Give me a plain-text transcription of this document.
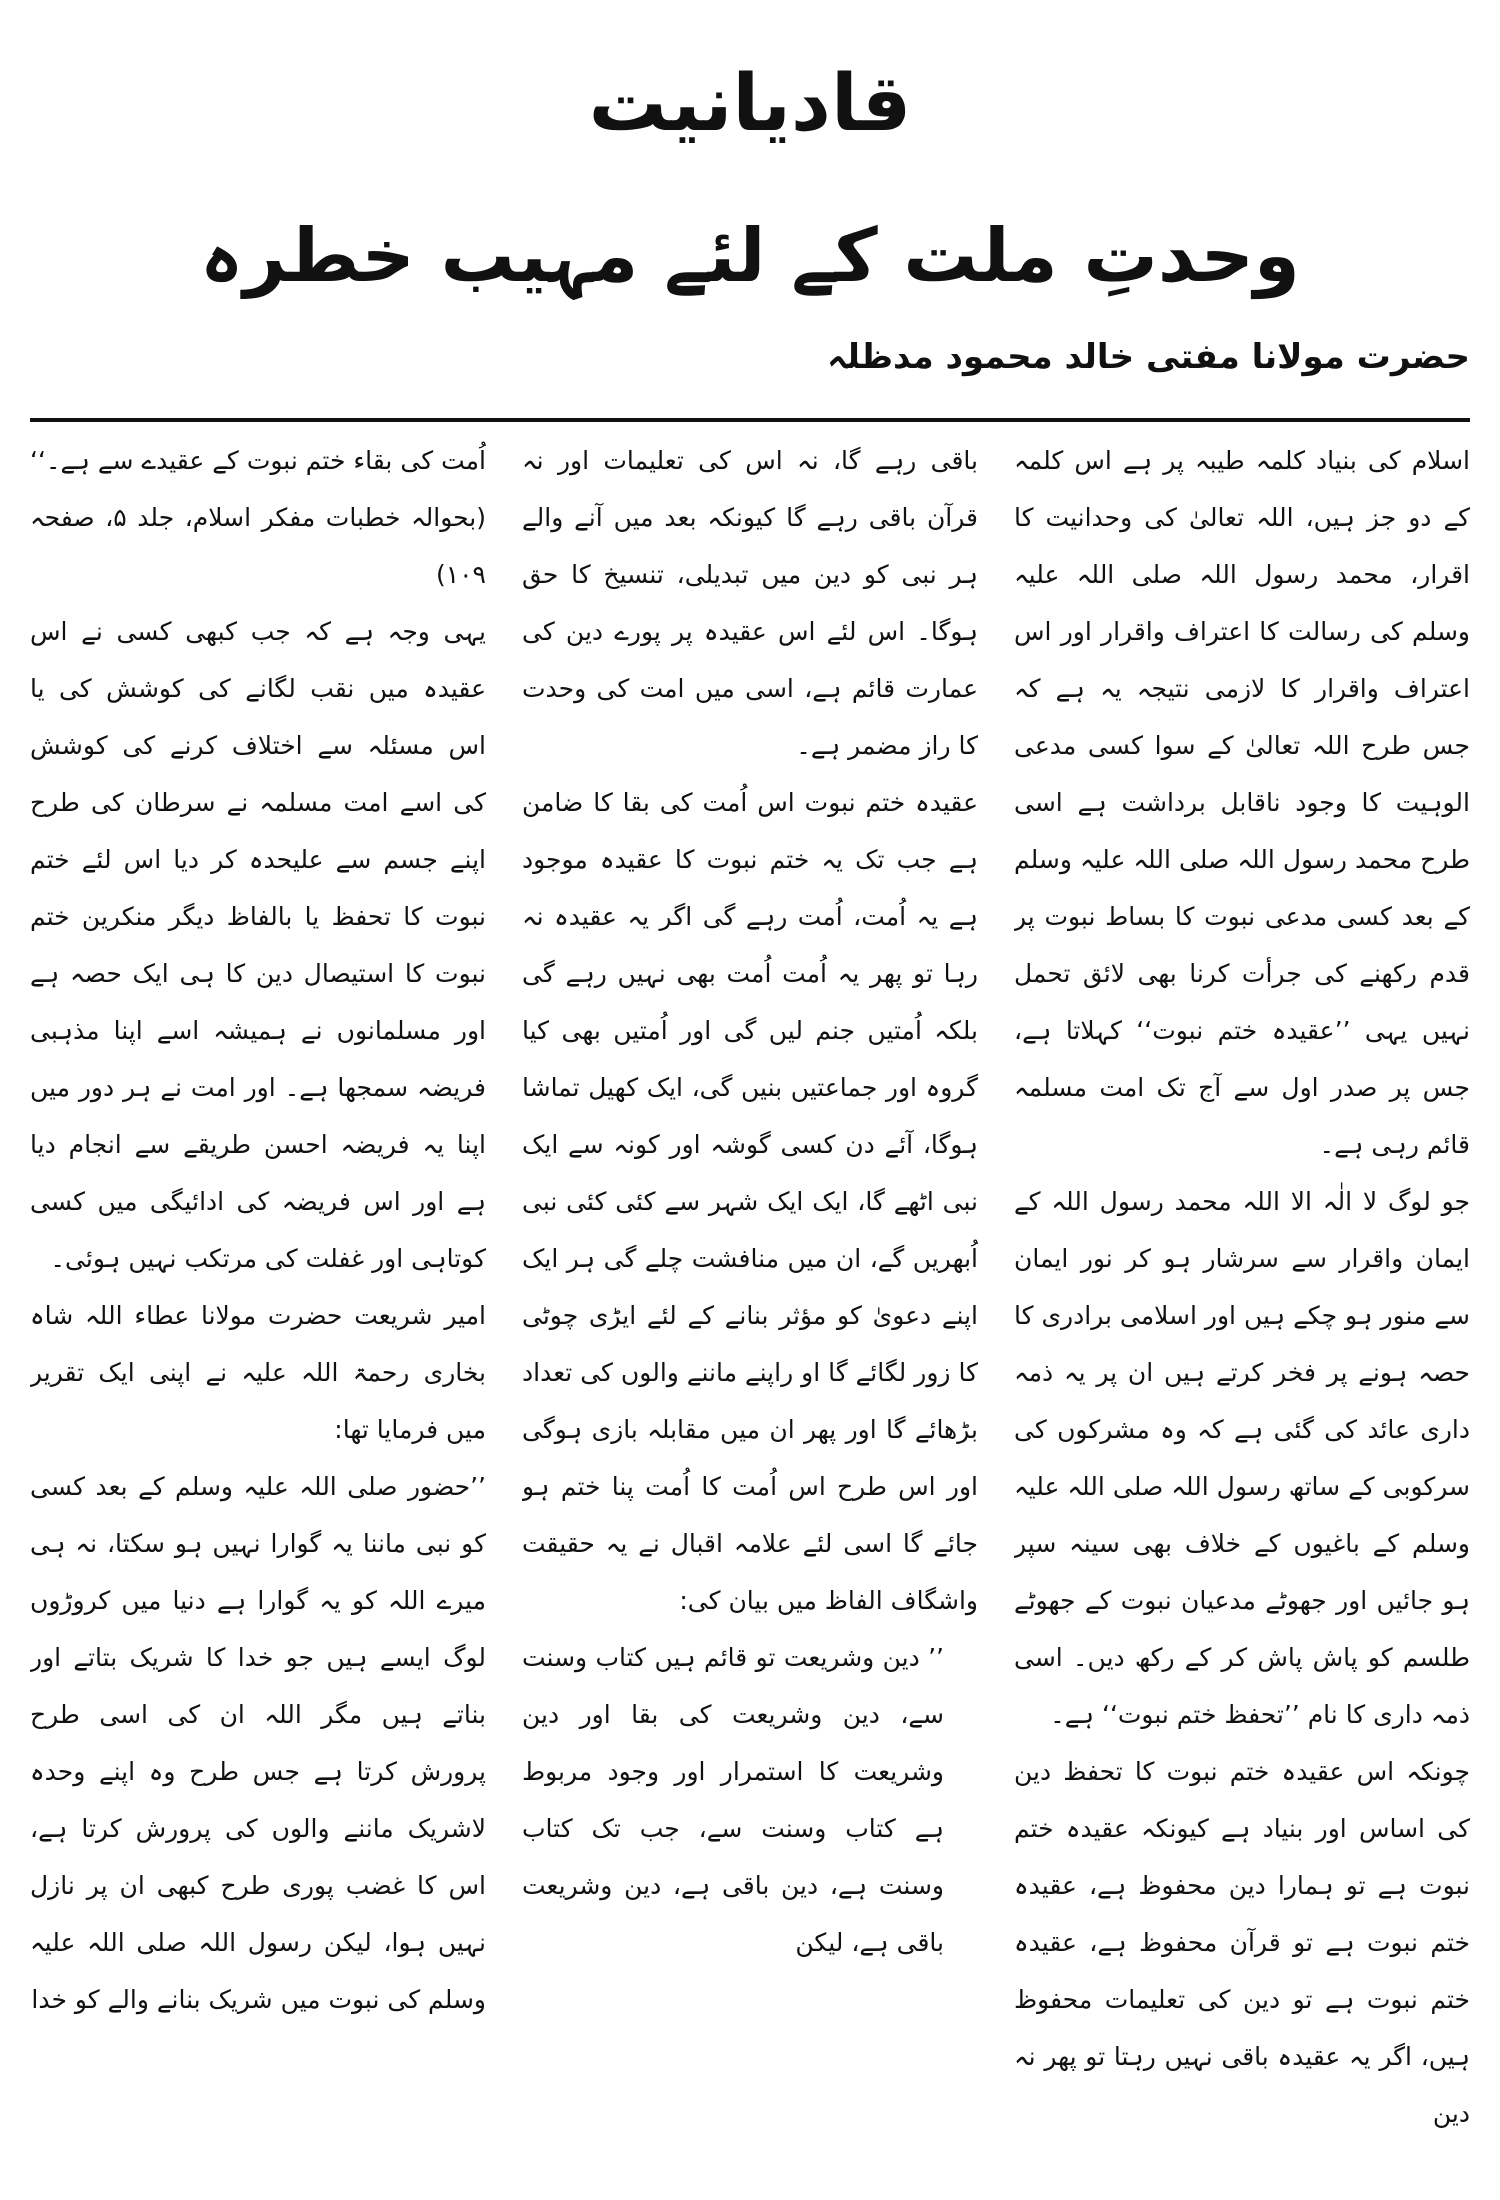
قادیانیت
وحدتِ ملت کے لئے مہیب خطرہ
حضرت مولانا مفتی خالد محمود مدظلہ

اسلام کی بنیاد کلمہ طیبہ پر ہے اس کلمہ کے دو جز ہیں، اللہ تعالیٰ کی وحدانیت کا اقرار، محمد رسول اللہ صلی اللہ علیہ وسلم کی رسالت کا اعتراف واقرار اور اس اعتراف واقرار کا لازمی نتیجہ یہ ہے کہ جس طرح اللہ تعالیٰ کے سوا کسی مدعی الوہیت کا وجود ناقابل برداشت ہے اسی طرح محمد رسول اللہ صلی اللہ علیہ وسلم کے بعد کسی مدعی نبوت کا بساط نبوت پر قدم رکھنے کی جرأت کرنا بھی لائق تحمل نہیں یہی ’’عقیدہ ختم نبوت‘‘ کہلاتا ہے، جس پر صدر اول سے آج تک امت مسلمہ قائم رہی ہے۔

جو لوگ لا الٰہ الا اللہ محمد رسول اللہ کے ایمان واقرار سے سرشار ہو کر نور ایمان سے منور ہو چکے ہیں اور اسلامی برادری کا حصہ ہونے پر فخر کرتے ہیں ان پر یہ ذمہ داری عائد کی گئی ہے کہ وہ مشرکوں کی سرکوبی کے ساتھ رسول اللہ صلی اللہ علیہ وسلم کے باغیوں کے خلاف بھی سینہ سپر ہو جائیں اور جھوٹے مدعیان نبوت کے جھوٹے طلسم کو پاش پاش کر کے رکھ دیں۔ اسی ذمہ داری کا نام ’’تحفظ ختم نبوت‘‘ ہے۔

چونکہ اس عقیدہ ختم نبوت کا تحفظ دین کی اساس اور بنیاد ہے کیونکہ عقیدہ ختم نبوت ہے تو ہمارا دین محفوظ ہے، عقیدہ ختم نبوت ہے تو قرآن محفوظ ہے، عقیدہ ختم نبوت ہے تو دین کی تعلیمات محفوظ ہیں، اگر یہ عقیدہ باقی نہیں رہتا تو پھر نہ دین

باقی رہے گا، نہ اس کی تعلیمات اور نہ قرآن باقی رہے گا کیونکہ بعد میں آنے والے ہر نبی کو دین میں تبدیلی، تنسیخ کا حق ہوگا۔ اس لئے اس عقیدہ پر پورے دین کی عمارت قائم ہے، اسی میں امت کی وحدت کا راز مضمر ہے۔

عقیدہ ختم نبوت اس اُمت کی بقا کا ضامن ہے جب تک یہ ختم نبوت کا عقیدہ موجود ہے یہ اُمت، اُمت رہے گی اگر یہ عقیدہ نہ رہا تو پھر یہ اُمت اُمت بھی نہیں رہے گی بلکہ اُمتیں جنم لیں گی اور اُمتیں بھی کیا گروہ اور جماعتیں بنیں گی، ایک کھیل تماشا ہوگا، آئے دن کسی گوشہ اور کونہ سے ایک نبی اٹھے گا، ایک ایک شہر سے کئی کئی نبی اُبھریں گے، ان میں منافشت چلے گی ہر ایک اپنے دعویٰ کو مؤثر بنانے کے لئے ایڑی چوٹی کا زور لگائے گا او راپنے ماننے والوں کی تعداد بڑھائے گا اور پھر ان میں مقابلہ بازی ہوگی اور اس طرح اس اُمت کا اُمت پنا ختم ہو جائے گا اسی لئے علامہ اقبال نے یہ حقیقت واشگاف الفاظ میں بیان کی:

’’ دین وشریعت تو قائم ہیں کتاب وسنت سے، دین وشریعت کی بقا اور دین وشریعت کا استمرار اور وجود مربوط ہے کتاب وسنت سے، جب تک کتاب وسنت ہے، دین باقی ہے، دین وشریعت باقی ہے، لیکن

اُمت کی بقاء ختم نبوت کے عقیدے سے ہے۔‘‘ (بحوالہ خطبات مفکر اسلام، جلد ۵، صفحہ ۱۰۹)

یہی وجہ ہے کہ جب کبھی کسی نے اس عقیدہ میں نقب لگانے کی کوشش کی یا اس مسئلہ سے اختلاف کرنے کی کوشش کی اسے امت مسلمہ نے سرطان کی طرح اپنے جسم سے علیحدہ کر دیا اس لئے ختم نبوت کا تحفظ یا بالفاظ دیگر منکرین ختم نبوت کا استیصال دین کا ہی ایک حصہ ہے اور مسلمانوں نے ہمیشہ اسے اپنا مذہبی فریضہ سمجھا ہے۔ اور امت نے ہر دور میں اپنا یہ فریضہ احسن طریقے سے انجام دیا ہے اور اس فریضہ کی ادائیگی میں کسی کوتاہی اور غفلت کی مرتکب نہیں ہوئی۔

امیر شریعت حضرت مولانا عطاء اللہ شاہ بخاری رحمۃ اللہ علیہ نے اپنی ایک تقریر میں فرمایا تھا:

’’حضور صلی اللہ علیہ وسلم کے بعد کسی کو نبی ماننا یہ گوارا نہیں ہو سکتا، نہ ہی میرے اللہ کو یہ گوارا ہے دنیا میں کروڑوں لوگ ایسے ہیں جو خدا کا شریک بتاتے اور بناتے ہیں مگر اللہ ان کی اسی طرح پرورش کرتا ہے جس طرح وہ اپنے وحدہ لاشریک ماننے والوں کی پرورش کرتا ہے، اس کا غضب پوری طرح کبھی ان پر نازل نہیں ہوا، لیکن رسول اللہ صلی اللہ علیہ وسلم کی نبوت میں شریک بنانے والے کو خدا
